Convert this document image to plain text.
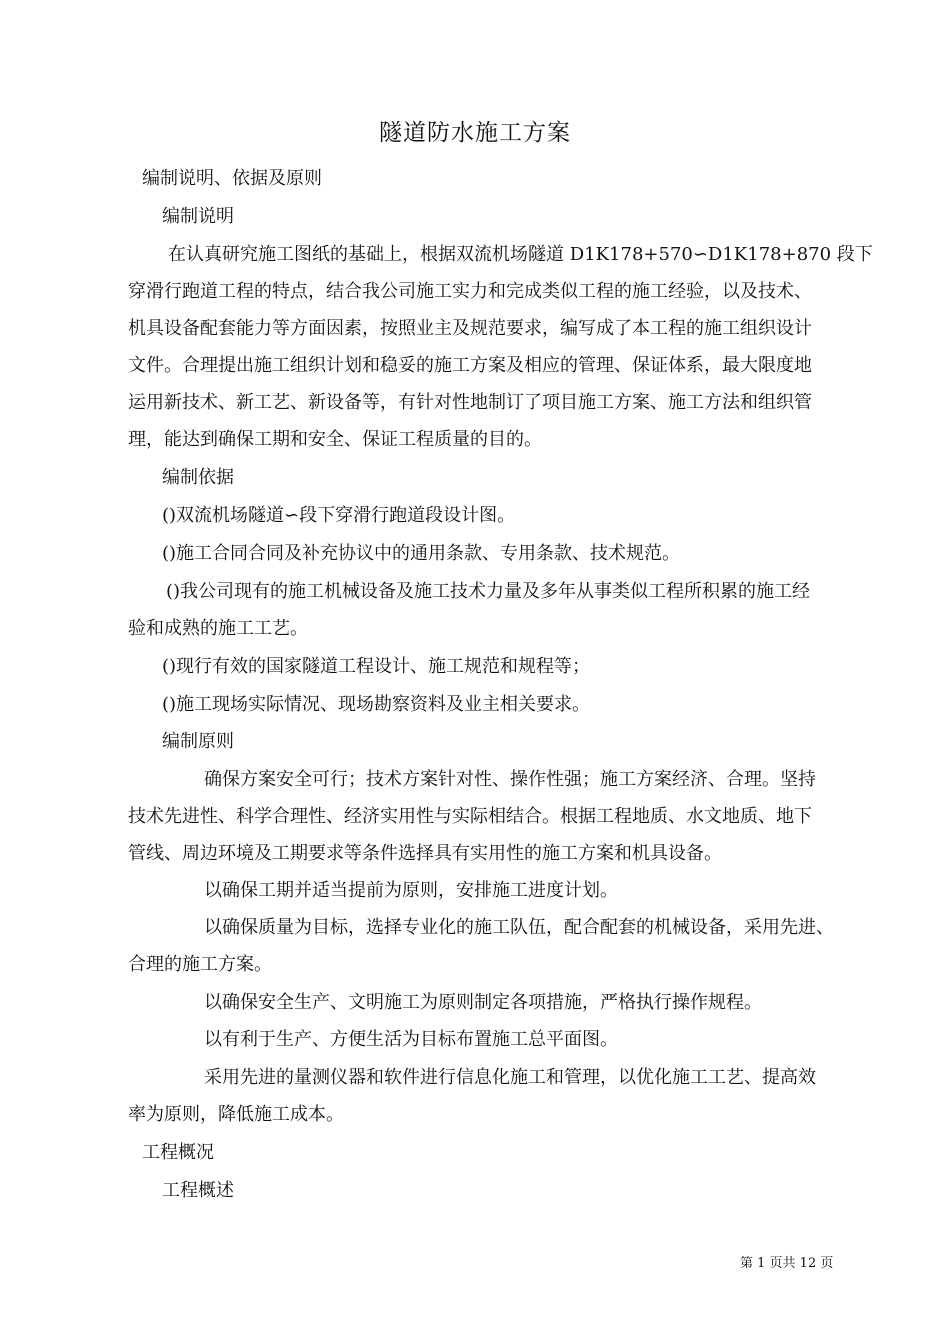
隧道防水施工方案
编制说明、依据及原则
编制说明
在认真研究施工图纸的基础上，根据双流机场隧道 D1K178+570∽D1K178+870 段下
穿滑行跑道工程的特点，结合我公司施工实力和完成类似工程的施工经验，以及技术、
机具设备配套能力等方面因素，按照业主及规范要求，编写成了本工程的施工组织设计
文件。合理提出施工组织计划和稳妥的施工方案及相应的管理、保证体系，最大限度地
运用新技术、新工艺、新设备等，有针对性地制订了项目施工方案、施工方法和组织管
理，能达到确保工期和安全、保证工程质量的目的。
编制依据
()双流机场隧道∽段下穿滑行跑道段设计图。
()施工合同合同及补充协议中的通用条款、专用条款、技术规范。
()我公司现有的施工机械设备及施工技术力量及多年从事类似工程所积累的施工经
验和成熟的施工工艺。
()现行有效的国家隧道工程设计、施工规范和规程等；
()施工现场实际情况、现场勘察资料及业主相关要求。
编制原则
确保方案安全可行；技术方案针对性、操作性强；施工方案经济、合理。坚持
技术先进性、科学合理性、经济实用性与实际相结合。根据工程地质、水文地质、地下
管线、周边环境及工期要求等条件选择具有实用性的施工方案和机具设备。
以确保工期并适当提前为原则，安排施工进度计划。
以确保质量为目标，选择专业化的施工队伍，配合配套的机械设备，采用先进、
合理的施工方案。
以确保安全生产、文明施工为原则制定各项措施，严格执行操作规程。
以有利于生产、方便生活为目标布置施工总平面图。
采用先进的量测仪器和软件进行信息化施工和管理，以优化施工工艺、提高效
率为原则，降低施工成本。
工程概况
工程概述
第 1 页共 12 页
